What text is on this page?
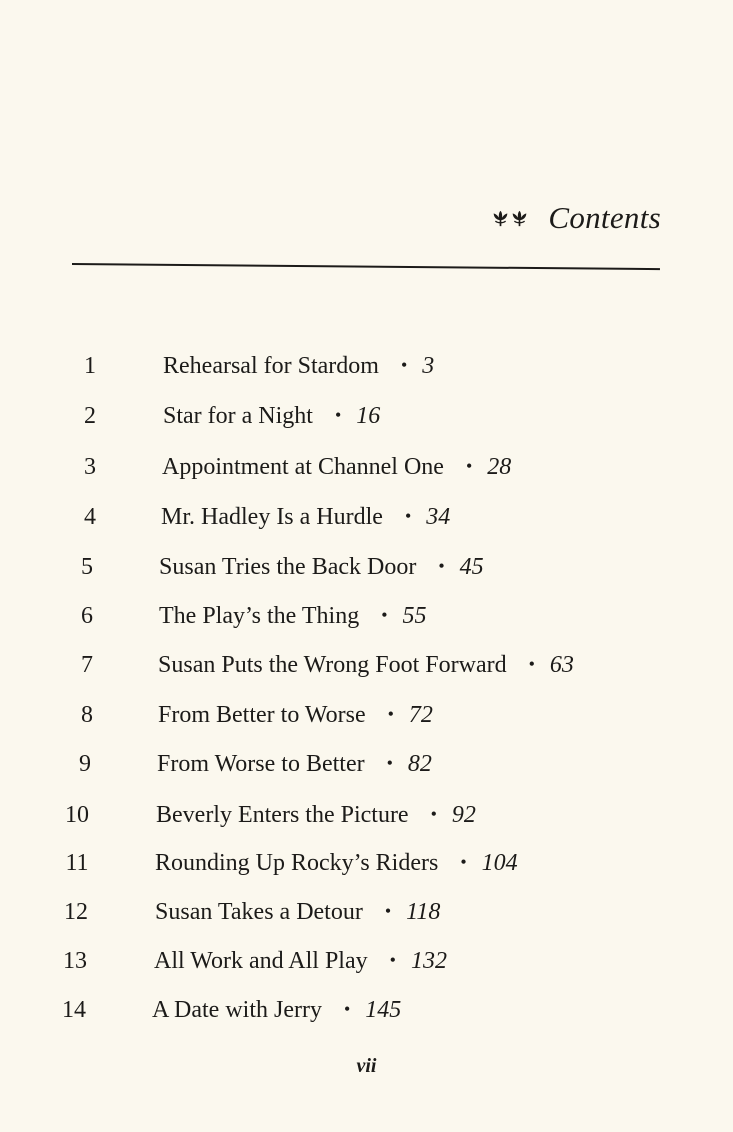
Contents
1	Rehearsal for Stardom • 3
2	Star for a Night • 16
3	Appointment at Channel One • 28
4	Mr. Hadley Is a Hurdle • 34
5	Susan Tries the Back Door • 45
6	The Play’s the Thing • 55
7	Susan Puts the Wrong Foot Forward • 63
8	From Better to Worse • 72
9	From Worse to Better • 82
10	Beverly Enters the Picture • 92
11	Rounding Up Rocky’s Riders • 104
12	Susan Takes a Detour • 118
13	All Work and All Play • 132
14	A Date with Jerry • 145
vii
